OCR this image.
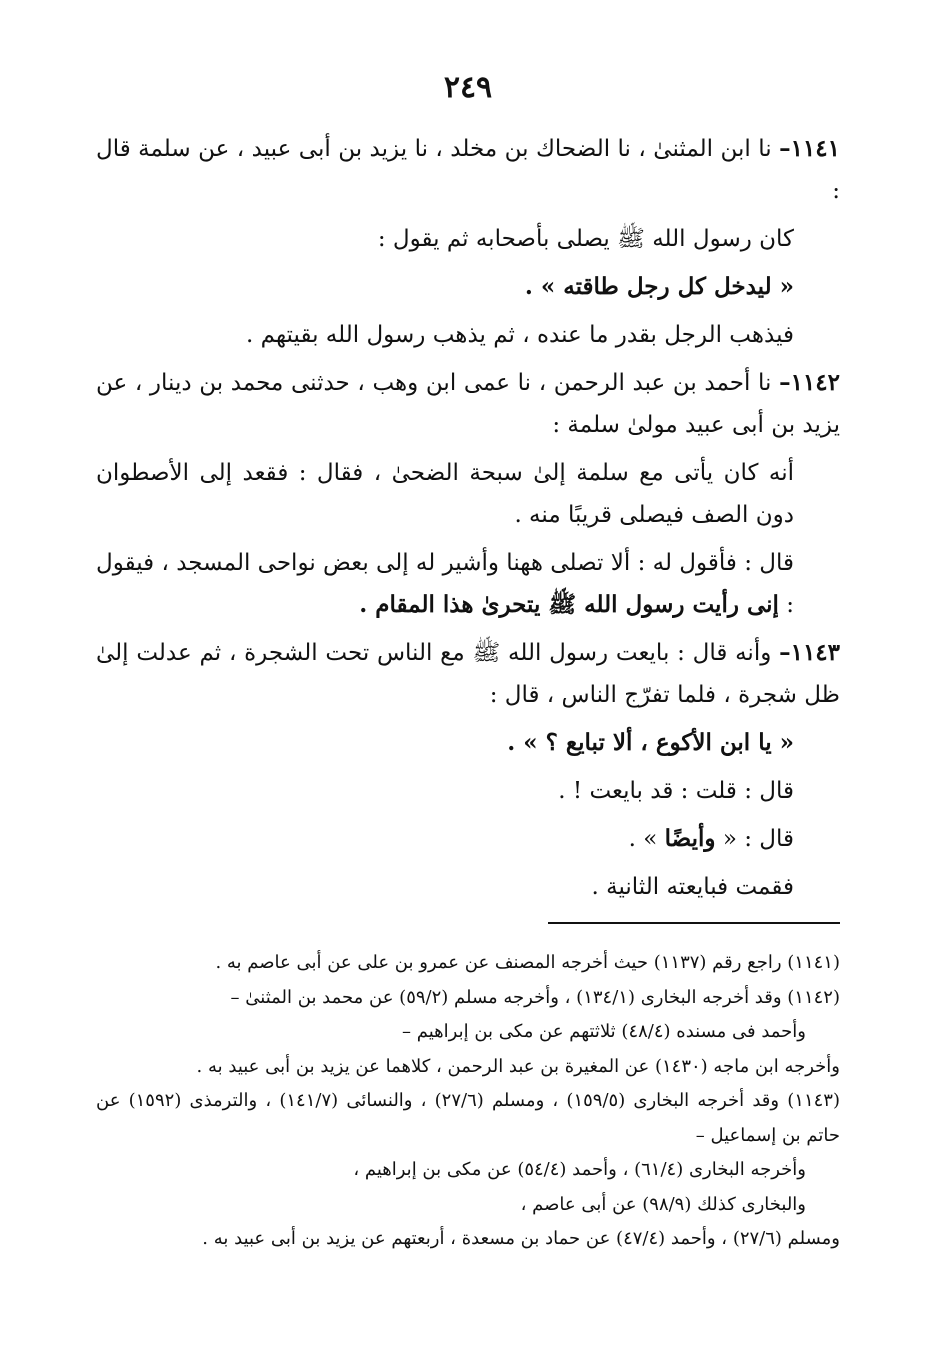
٢٤٩

١١٤١– نا ابن المثنىٰ ، نا الضحاك بن مخلد ، نا يزيد بن أبى عبيد ، عن سلمة قال :

كان رسول الله ﷺ يصلى بأصحابه ثم يقول :

« ليدخل كل رجل طاقته » .

فيذهب الرجل بقدر ما عنده ، ثم يذهب رسول الله بقيتهم .

١١٤٢– نا أحمد بن عبد الرحمن ، نا عمى ابن وهب ، حدثنى محمد بن دينار ، عن يزيد بن أبى عبيد مولىٰ سلمة :

أنه كان يأتى مع سلمة إلىٰ سبحة الضحىٰ ، فقال : فقعد إلى الأصطوان دون الصف فيصلى قريبًا منه .

قال : فأقول له : ألا تصلى ههنا وأشير له إلى بعض نواحى المسجد ، فيقول : إنى رأيت رسول الله ﷺ يتحرىٰ هذا المقام .

١١٤٣– وأنه قال : بايعت رسول الله ﷺ مع الناس تحت الشجرة ، ثم عدلت إلىٰ ظل شجرة ، فلما تفرّج الناس ، قال :

« يا ابن الأكوع ، ألا تبايع ؟ » .

قال : قلت : قد بايعت ! .

قال : « وأيضًا » .

فقمت فبايعته الثانية .

(١١٤١) راجع رقم (١١٣٧) حيث أخرجه المصنف عن عمرو بن على عن أبى عاصم به .

(١١٤٢) وقد أخرجه البخارى (١٣٤/١) ، وأخرجه مسلم (٥٩/٢) عن محمد بن المثنىٰ –

وأحمد فى مسنده (٤٨/٤) ثلاثتهم عن مكى بن إبراهيم –

وأخرجه ابن ماجه (١٤٣٠) عن المغيرة بن عبد الرحمن ، كلاهما عن يزيد بن أبى عبيد به .

(١١٤٣) وقد أخرجه البخارى (١٥٩/٥) ، ومسلم (٢٧/٦) ، والنسائى (١٤١/٧) ، والترمذى (١٥٩٢) عن حاتم بن إسماعيل –

وأخرجه البخارى (٦١/٤) ، وأحمد (٥٤/٤) عن مكى بن إبراهيم ،

والبخارى كذلك (٩٨/٩) عن أبى عاصم ،

ومسلم (٢٧/٦) ، وأحمد (٤٧/٤) عن حماد بن مسعدة ، أربعتهم عن يزيد بن أبى عبيد به .
